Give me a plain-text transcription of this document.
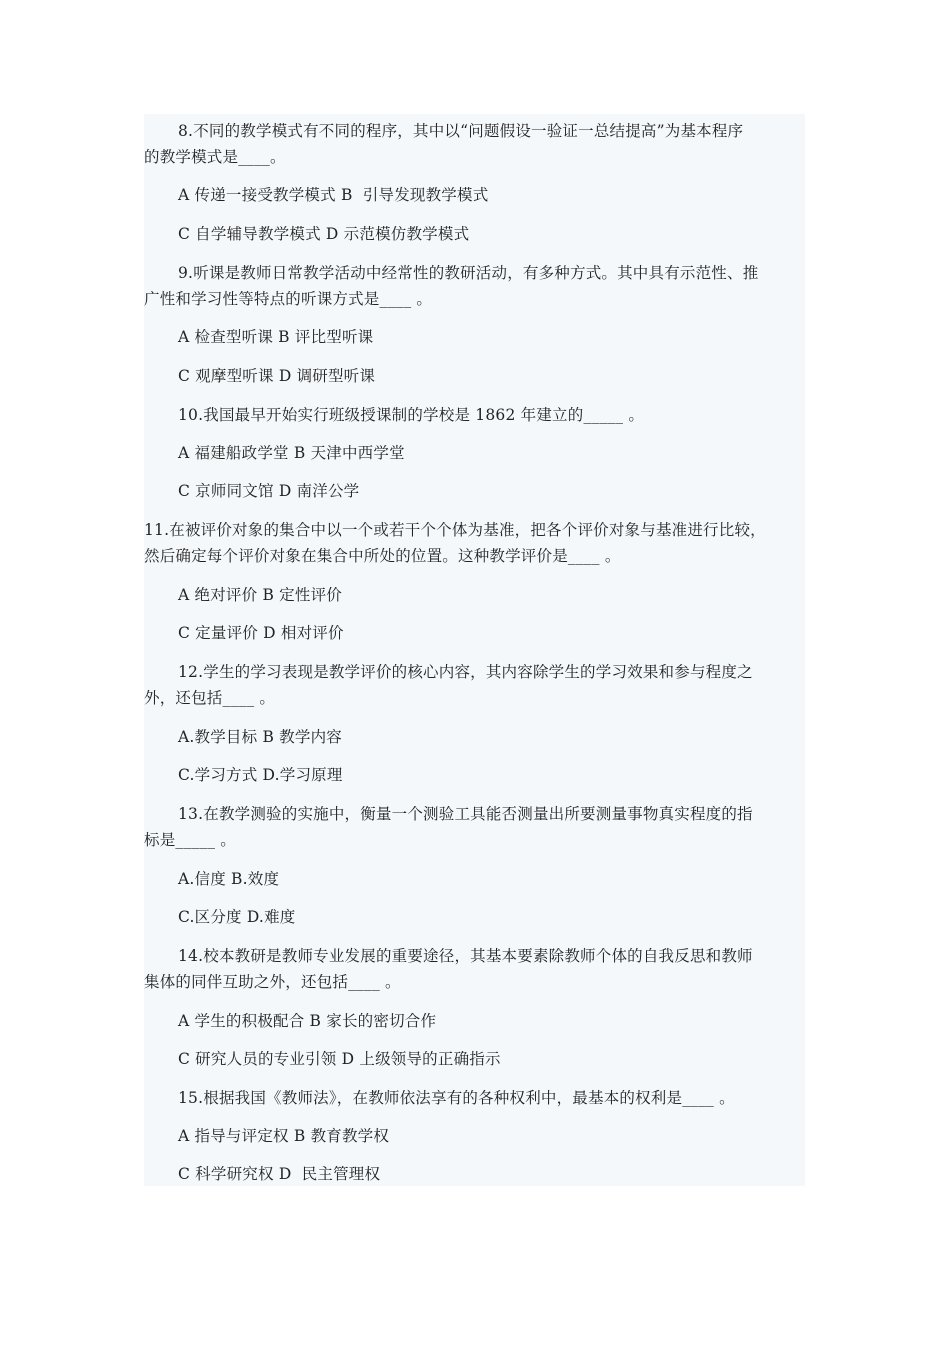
8.不同的教学模式有不同的程序，其中以“问题假设一验证一总结提高”为基本程序
的教学模式是____。
A 传递一接受教学模式 B  引导发现教学模式
C 自学辅导教学模式 D 示范模仿教学模式
9.听课是教师日常教学活动中经常性的教研活动，有多种方式。其中具有示范性、推
广性和学习性等特点的听课方式是____ 。
A 检查型听课 B 评比型听课
C 观摩型听课 D 调研型听课
10.我国最早开始实行班级授课制的学校是 1862 年建立的_____ 。
A 福建船政学堂 B 天津中西学堂
C 京师同文馆 D 南洋公学
11.在被评价对象的集合中以一个或若干个个体为基准，把各个评价对象与基准进行比较，
然后确定每个评价对象在集合中所处的位置。这种教学评价是____ 。
A 绝对评价 B 定性评价
C 定量评价 D 相对评价
12.学生的学习表现是教学评价的核心内容，其内容除学生的学习效果和参与程度之
外，还包括____ 。
A.教学目标 B 教学内容
C.学习方式 D.学习原理
13.在教学测验的实施中，衡量一个测验工具能否测量出所要测量事物真实程度的指
标是_____ 。
A.信度 B.效度
C.区分度 D.难度
14.校本教研是教师专业发展的重要途径，其基本要素除教师个体的自我反思和教师
集体的同伴互助之外，还包括____ 。
A 学生的积极配合 B 家长的密切合作
C 研究人员的专业引领 D 上级领导的正确指示
15.根据我国《教师法》，在教师依法享有的各种权利中，最基本的权利是____ 。
A 指导与评定权 B 教育教学权
C 科学研究权 D  民主管理权
